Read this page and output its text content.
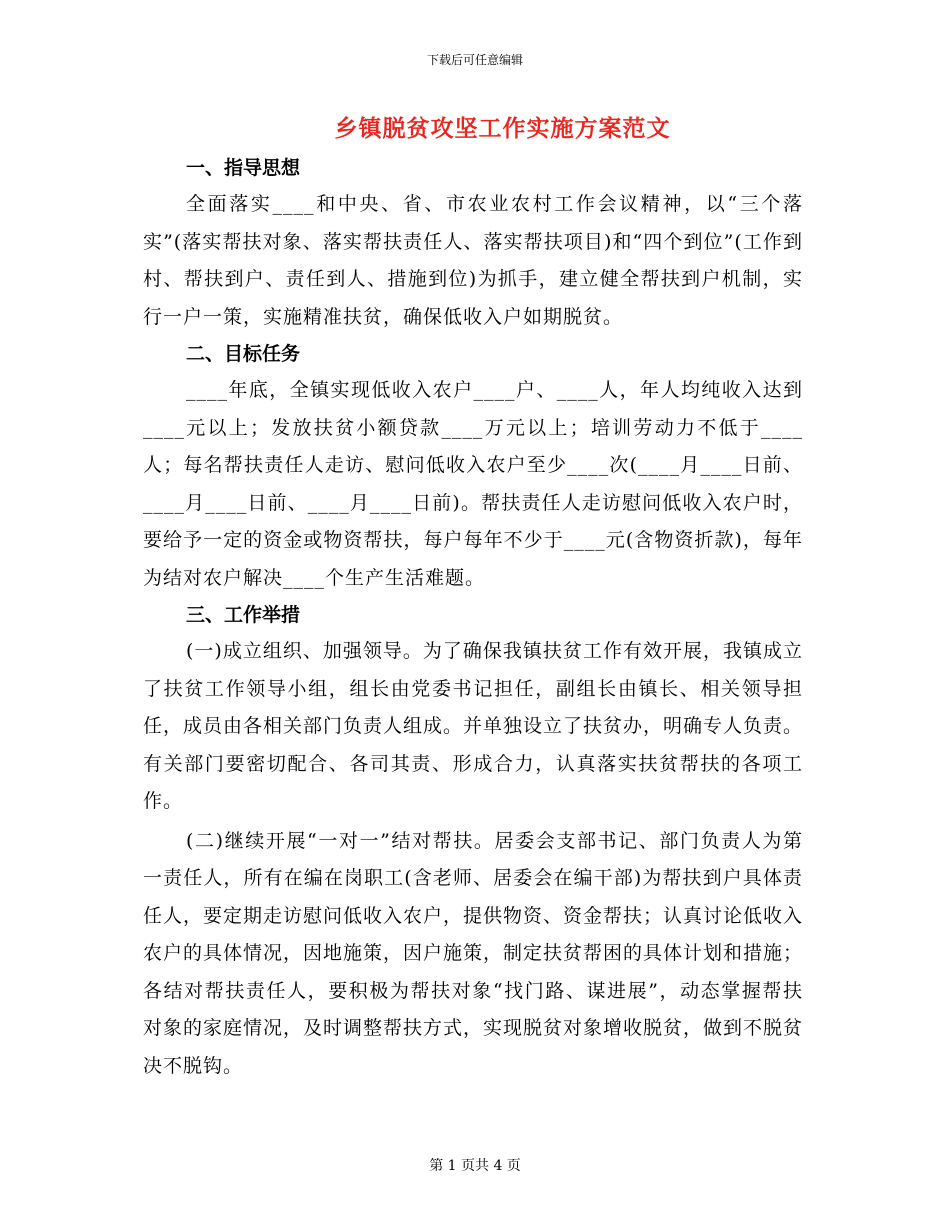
下载后可任意编辑
乡镇脱贫攻坚工作实施方案范文
一、指导思想

全面落实____和中央、省、市农业农村工作会议精神，以“三个落实”(落实帮扶对象、落实帮扶责任人、落实帮扶项目)和“四个到位”(工作到村、帮扶到户、责任到人、措施到位)为抓手，建立健全帮扶到户机制，实行一户一策，实施精准扶贫，确保低收入户如期脱贫。

二、目标任务

____年底，全镇实现低收入农户____户、____人，年人均纯收入达到____元以上；发放扶贫小额贷款____万元以上；培训劳动力不低于____人；每名帮扶责任人走访、慰问低收入农户至少____次(____月____日前、____月____日前、____月____日前)。帮扶责任人走访慰问低收入农户时，要给予一定的资金或物资帮扶，每户每年不少于____元(含物资折款)，每年为结对农户解决____个生产生活难题。

三、工作举措

(一)成立组织、加强领导。为了确保我镇扶贫工作有效开展，我镇成立了扶贫工作领导小组，组长由党委书记担任，副组长由镇长、相关领导担任，成员由各相关部门负责人组成。并单独设立了扶贫办，明确专人负责。有关部门要密切配合、各司其责、形成合力，认真落实扶贫帮扶的各项工作。

(二)继续开展“一对一”结对帮扶。居委会支部书记、部门负责人为第一责任人，所有在编在岗职工(含老师、居委会在编干部)为帮扶到户具体责任人，要定期走访慰问低收入农户，提供物资、资金帮扶；认真讨论低收入农户的具体情况，因地施策，因户施策，制定扶贫帮困的具体计划和措施；各结对帮扶责任人，要积极为帮扶对象“找门路、谋进展”，动态掌握帮扶对象的家庭情况，及时调整帮扶方式，实现脱贫对象增收脱贫，做到不脱贫决不脱钩。

第 1 页共 4 页
